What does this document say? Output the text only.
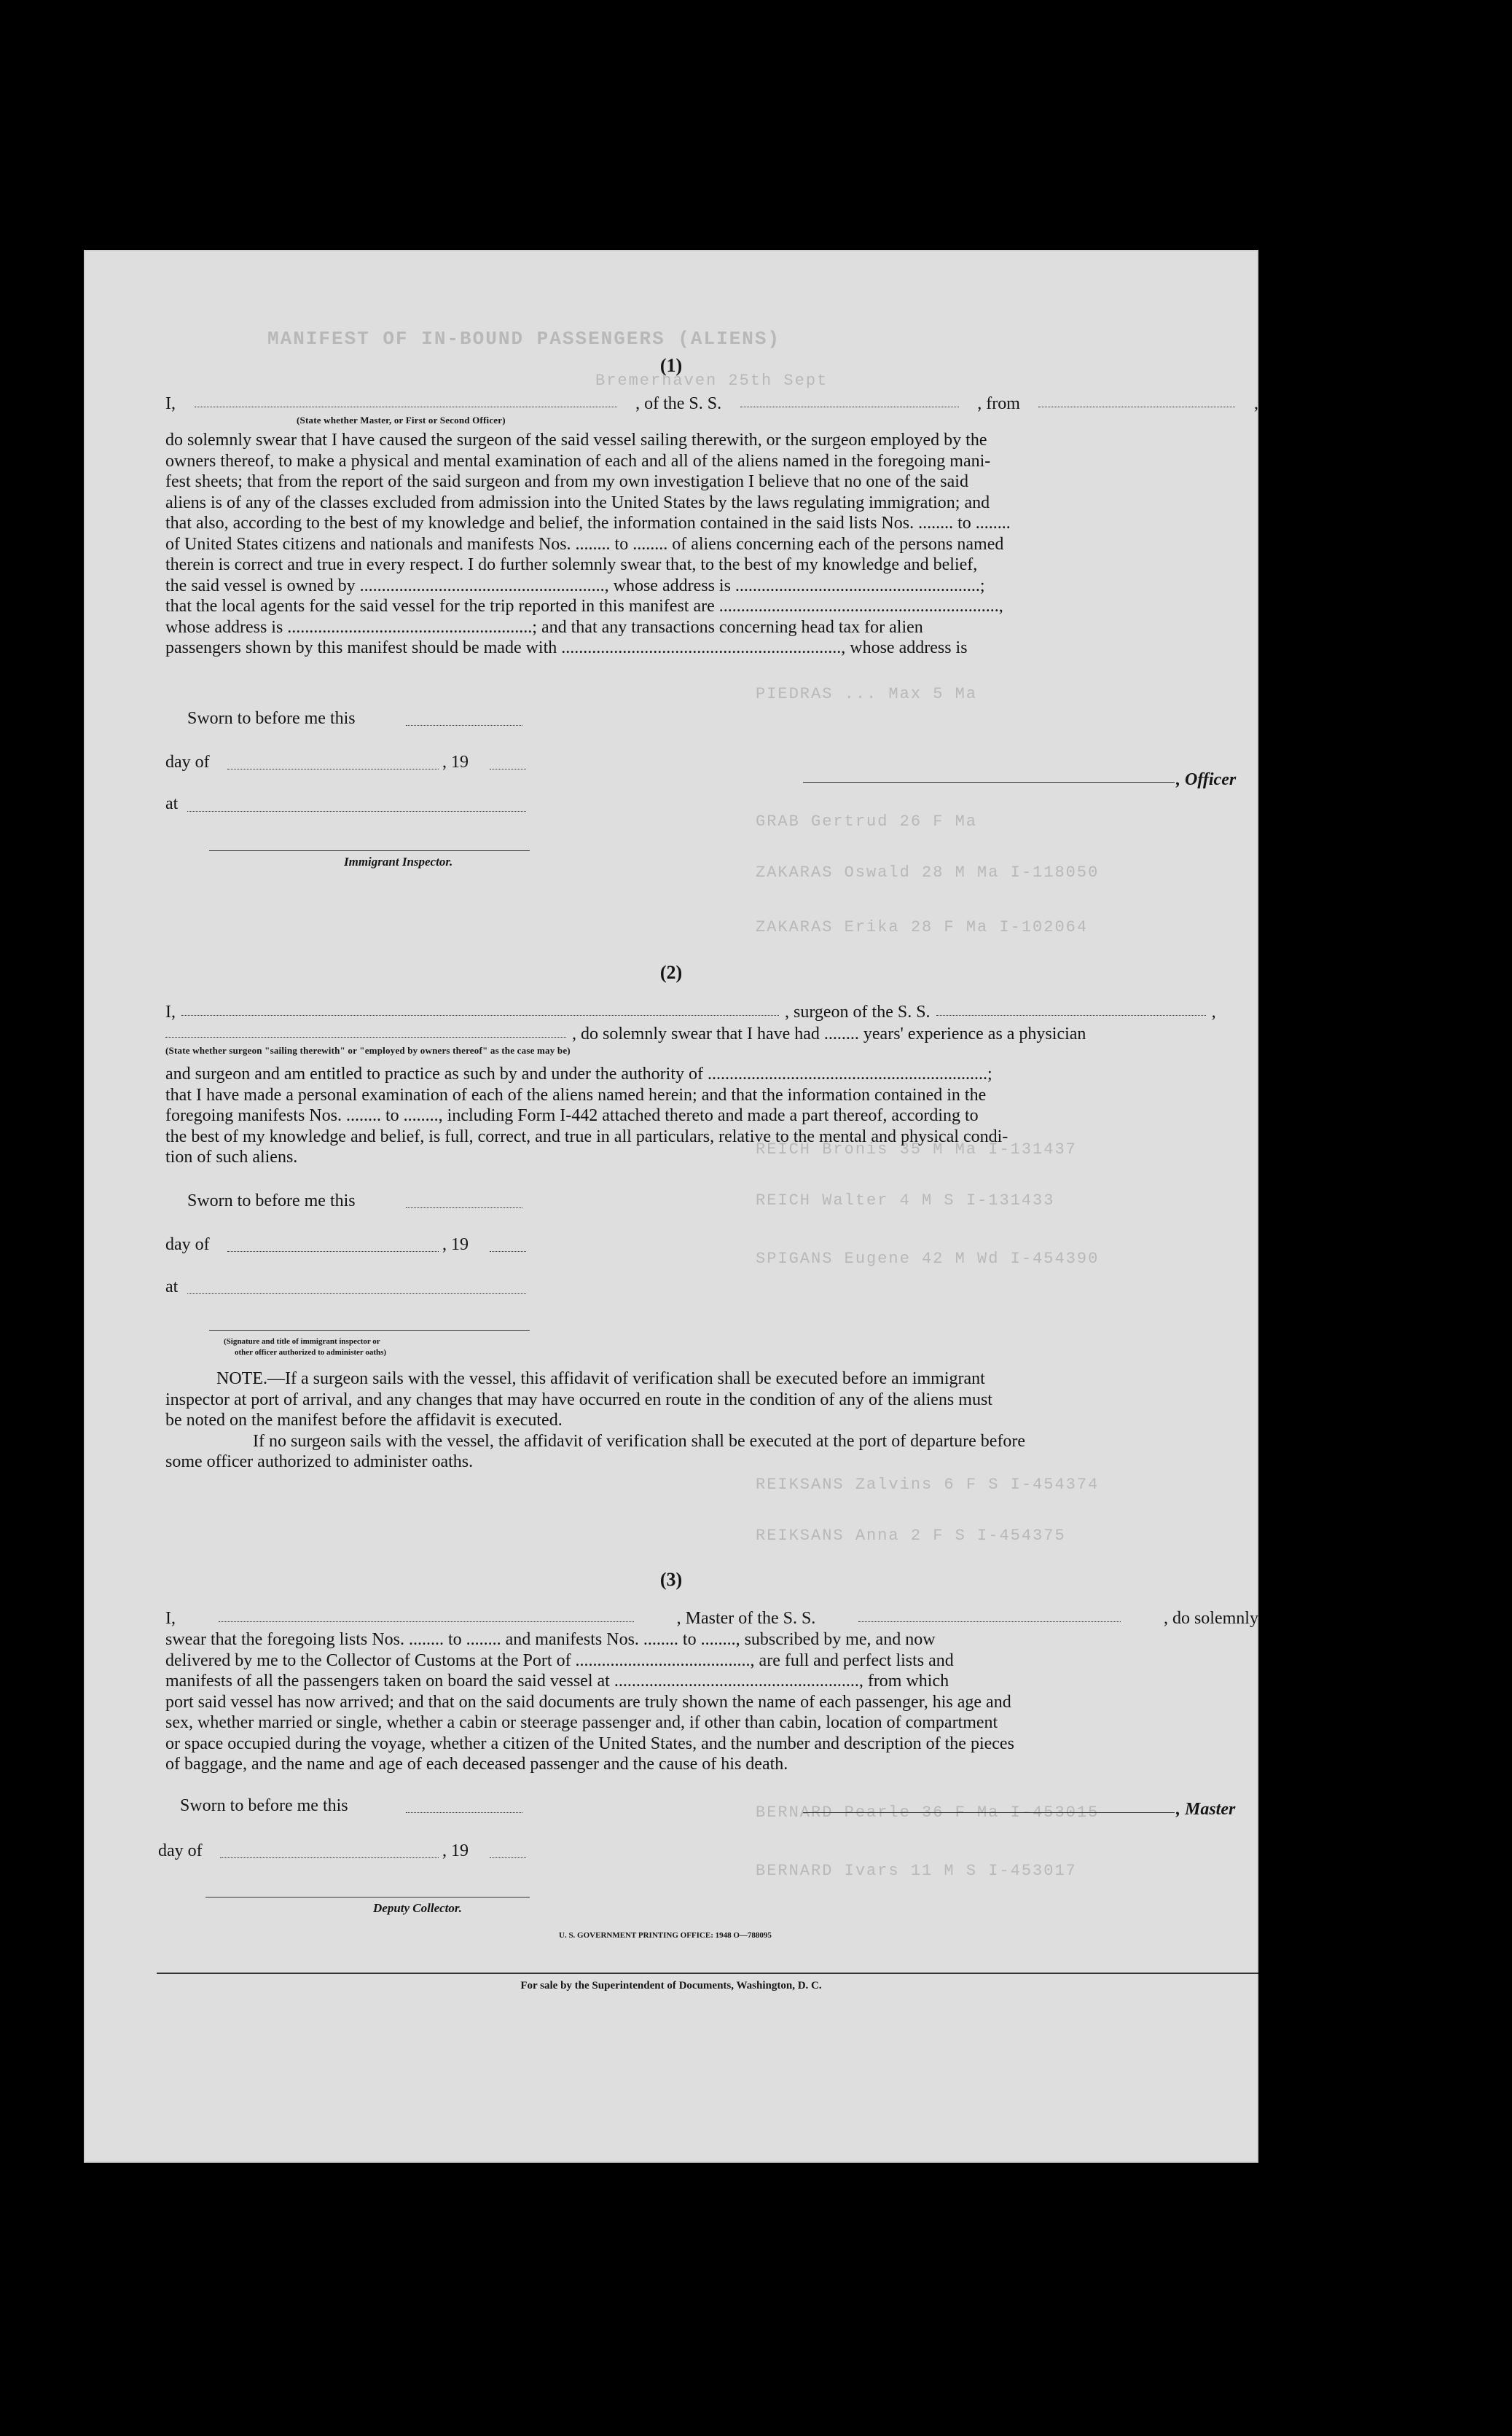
MANIFEST OF IN-BOUND PASSENGERS (ALIENS)
Bremerhaven 25th Sept
PIEDRAS ... Max 5 Ma
GRAB Gertrud 26 F Ma
ZAKARAS Oswald 28 M Ma I-118050
ZAKARAS Erika 28 F Ma I-102064
REICH Bronis 35 M Ma I-131437
REICH Walter 4 M S I-131433
SPIGANS Eugene 42 M Wd I-454390
REIKSANS Zalvins 6 F S I-454374
REIKSANS Anna 2 F S I-454375
BERNARD Pearle 36 F Ma I-453015
BERNARD Ivars 11 M S I-453017
(1)
I,	, of the S. S.	, from	,
(State whether Master, or First or Second Officer)
do solemnly swear that I have caused the surgeon of the said vessel sailing therewith, or the surgeon employed by the
owners thereof, to make a physical and mental examination of each and all of the aliens named in the foregoing mani-
fest sheets; that from the report of the said surgeon and from my own investigation I believe that no one of the said
aliens is of any of the classes excluded from admission into the United States by the laws regulating immigration; and
that also, according to the best of my knowledge and belief, the information contained in the said lists Nos. ........ to ........
of United States citizens and nationals and manifests Nos. ........ to ........ of aliens concerning each of the persons named
therein is correct and true in every respect. I do further solemnly swear that, to the best of my knowledge and belief,
the said vessel is owned by ........................................................, whose address is ........................................................;
that the local agents for the said vessel for the trip reported in this manifest are ................................................................,
whose address is ........................................................; and that any transactions concerning head tax for alien
passengers shown by this manifest should be made with ................................................................, whose address is
Sworn to before me this
day of	, 19
at
Immigrant Inspector.
, Officer
(2)
I,	, surgeon of the S. S.	,
, do solemnly swear that I have had ........ years' experience as a physician
(State whether surgeon "sailing therewith" or "employed by owners thereof" as the case may be)
and surgeon and am entitled to practice as such by and under the authority of ................................................................;
that I have made a personal examination of each of the aliens named herein; and that the information contained in the
foregoing manifests Nos. ........ to ........, including Form I-442 attached thereto and made a part thereof, according to
the best of my knowledge and belief, is full, correct, and true in all particulars, relative to the mental and physical condi-
tion of such aliens.
Sworn to before me this
day of	, 19
at
(Signature and title of immigrant inspector or
other officer authorized to administer oaths)
NOTE.—If a surgeon sails with the vessel, this affidavit of verification shall be executed before an immigrant
inspector at port of arrival, and any changes that may have occurred en route in the condition of any of the aliens must
be noted on the manifest before the affidavit is executed.
If no surgeon sails with the vessel, the affidavit of verification shall be executed at the port of departure before
some officer authorized to administer oaths.
(3)
I,	, Master of the S. S.	, do solemnly
swear that the foregoing lists Nos. ........ to ........ and manifests Nos. ........ to ........, subscribed by me, and now
delivered by me to the Collector of Customs at the Port of ........................................, are full and perfect lists and
manifests of all the passengers taken on board the said vessel at ........................................................, from which
port said vessel has now arrived; and that on the said documents are truly shown the name of each passenger, his age and
sex, whether married or single, whether a cabin or steerage passenger and, if other than cabin, location of compartment
or space occupied during the voyage, whether a citizen of the United States, and the number and description of the pieces
of baggage, and the name and age of each deceased passenger and the cause of his death.
Sworn to before me this
day of	, 19
Deputy Collector.
, Master
U. S. GOVERNMENT PRINTING OFFICE: 1948 O—788095
For sale by the Superintendent of Documents, Washington, D. C.
